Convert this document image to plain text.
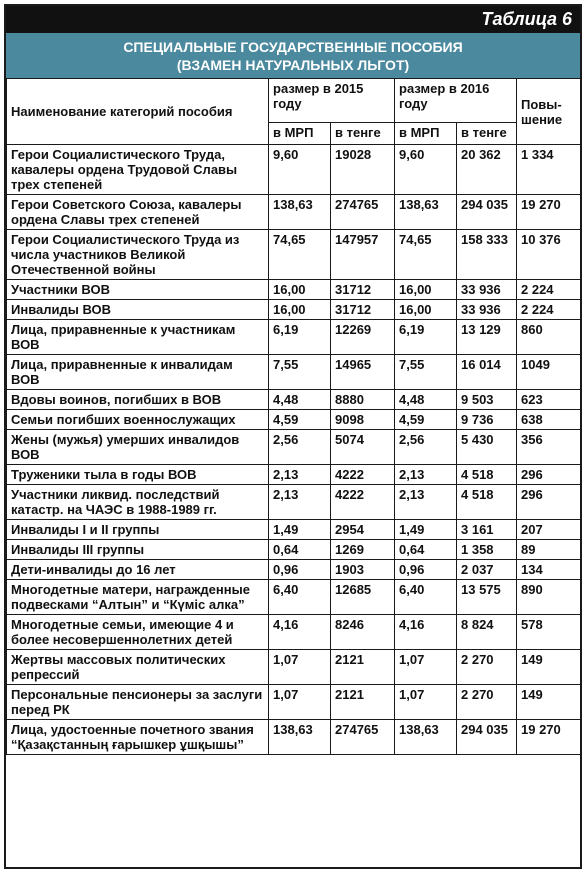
Таблица 6
СПЕЦИАЛЬНЫЕ ГОСУДАРСТВЕННЫЕ ПОСОБИЯ
(ВЗАМЕН НАТУРАЛЬНЫХ ЛЬГОТ)
Наименование категорий пособия	размер в 2015 году		размер в 2016 году		Повы-шение
	в МРП	в тенге	в МРП	в тенге	
Герои Социалистического Труда, кавалеры ордена Трудовой Славы трех степеней	9,60	19028	9,60	20 362	1 334
Герои Советского Союза, кавалеры ордена Славы трех степеней	138,63	274765	138,63	294 035	19 270
Герои Социалистического Труда из числа участников Великой Отечественной войны	74,65	147957	74,65	158 333	10 376
Участники ВОВ	16,00	31712	16,00	33 936	2 224
Инвалиды ВОВ	16,00	31712	16,00	33 936	2 224
Лица, приравненные к участникам ВОВ	6,19	12269	6,19	13 129	860
Лица, приравненные к инвалидам ВОВ	7,55	14965	7,55	16 014	1049
Вдовы воинов, погибших в ВОВ	4,48	8880	4,48	9 503	623
Семьи погибших военнослужащих	4,59	9098	4,59	9 736	638
Жены (мужья) умерших инвалидов ВОВ	2,56	5074	2,56	5 430	356
Труженики тыла в годы ВОВ	2,13	4222	2,13	4 518	296
Участники ликвид. последствий катастр. на ЧАЭС в 1988-1989 гг.	2,13	4222	2,13	4 518	296
Инвалиды I и II группы	1,49	2954	1,49	3 161	207
Инвалиды III группы	0,64	1269	0,64	1 358	89
Дети-инвалиды до 16 лет	0,96	1903	0,96	2 037	134
Многодетные матери, награжденные подвесками “Алтын” и “Күміс алка”	6,40	12685	6,40	13 575	890
Многодетные семьи, имеющие 4 и более несовершеннолетних детей	4,16	8246	4,16	8 824	578
Жертвы массовых политических репрессий	1,07	2121	1,07	2 270	149
Персональные пенсионеры за заслуги перед РК	1,07	2121	1,07	2 270	149
Лица, удостоенные почетного звания “Қазақстанның ғарышкер ұшқышы”	138,63	274765	138,63	294 035	19 270
